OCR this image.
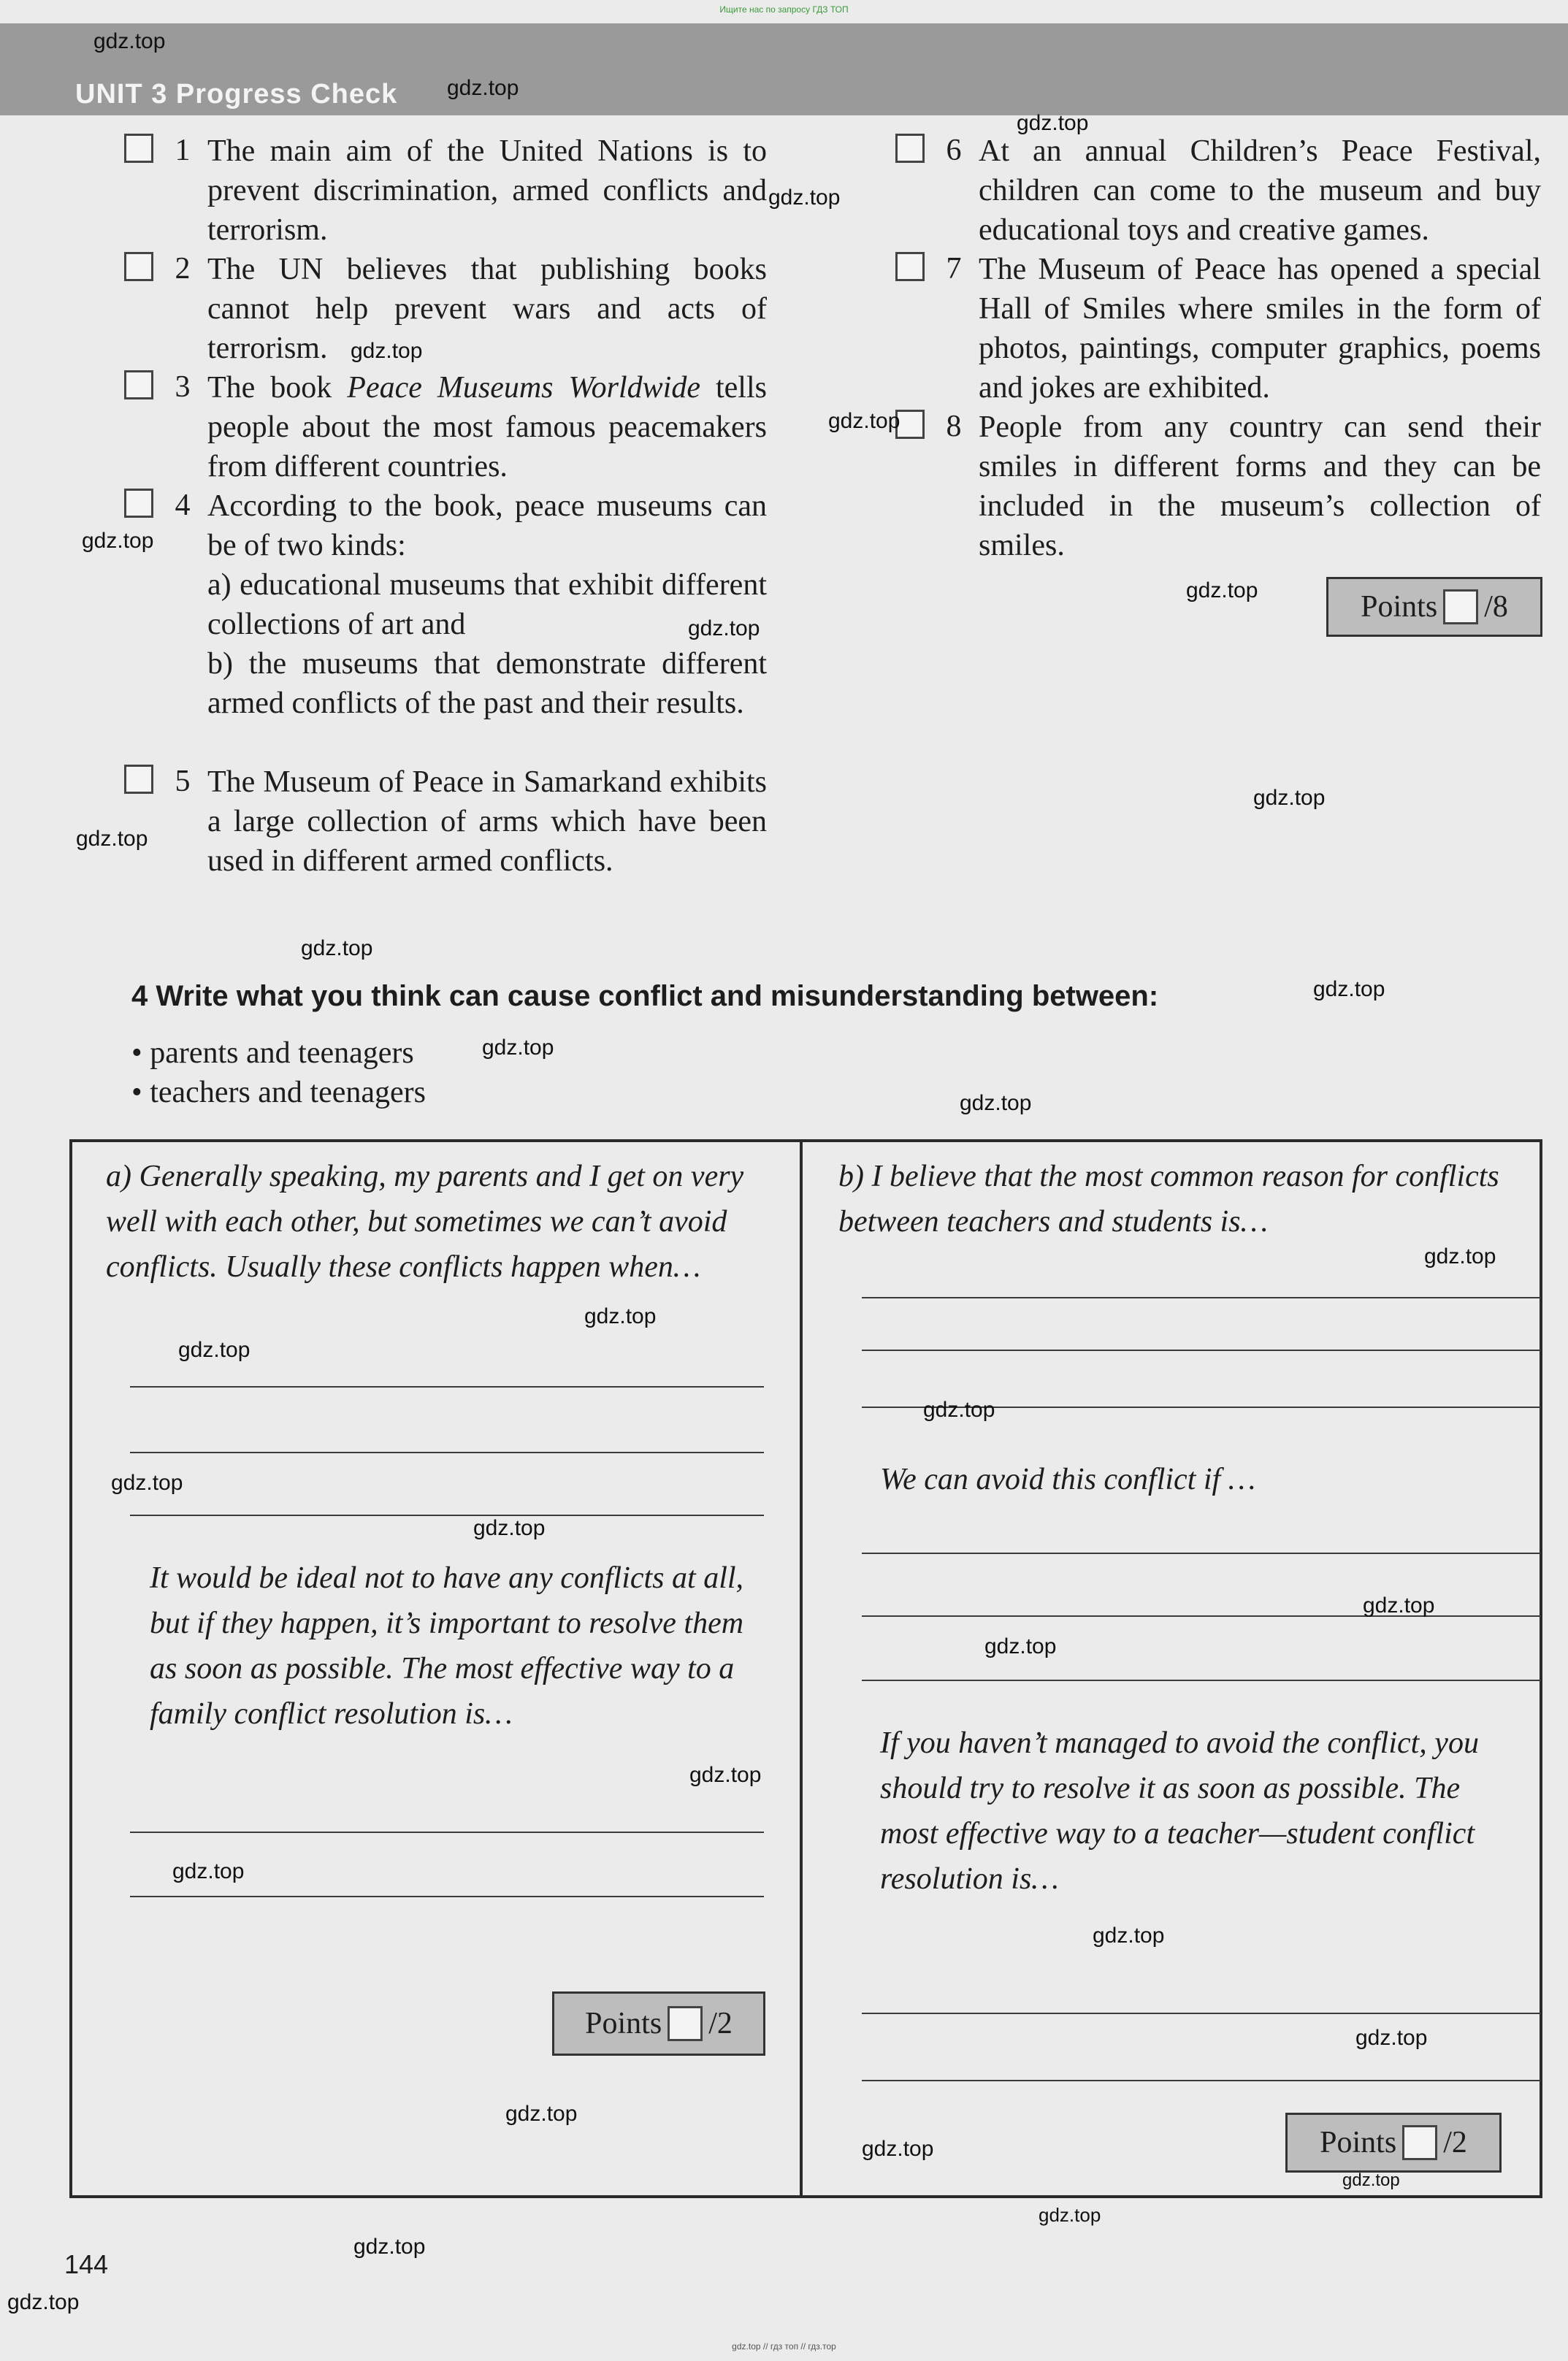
Ищите нас по запросу ГДЗ ТОП
UNIT 3 Progress Check
1 The main aim of the United Nations is to prevent discrimination, armed conflicts and terrorism.
2 The UN believes that publishing books cannot help prevent wars and acts of terrorism.
3 The book Peace Museums Worldwide tells people about the most famous peacemakers from different countries.
4 According to the book, peace museums can be of two kinds:
a) educational museums that exhibit different collections of art and
b) the museums that demonstrate different armed conflicts of the past and their results.
5 The Museum of Peace in Samarkand exhibits a large collection of arms which have been used in different armed conflicts.
6 At an annual Children’s Peace Festival, children can come to the museum and buy educational toys and creative games.
7 The Museum of Peace has opened a special Hall of Smiles where smiles in the form of photos, paintings, computer graphics, poems and jokes are exhibited.
8 People from any country can send their smiles in different forms and they can be included in the museum’s collection of smiles.
Points /8
4 Write what you think can cause conflict and misunderstanding between:
• parents and teenagers
• teachers and teenagers
a) Generally speaking, my parents and I get on very well with each other, but sometimes we can’t avoid conflicts. Usually these conflicts happen when…
It would be ideal not to have any conflicts at all, but if they happen, it’s important to resolve them as soon as possible. The most effective way to a family conflict resolution is…
Points /2
b) I believe that the most common reason for conflicts between teachers and students is…
We can avoid this conflict if …
If you haven’t managed to avoid the conflict, you should try to resolve it as soon as possible. The most effective way to a teacher—student conflict resolution is…
Points /2
144
gdz.top
gdz.top
gdz.top
gdz.top
gdz.top
gdz.top
gdz.top
gdz.top
gdz.top
gdz.top
gdz.top
gdz.top
gdz.top
gdz.top
gdz.top
gdz.top
gdz.top
gdz.top
gdz.top
gdz.top
gdz.top
gdz.top
gdz.top
gdz.top
gdz.top
gdz.top
gdz.top
gdz.top
gdz.top
gdz.top
gdz.top
gdz.top
gdz.top
gdz.top // гдз топ // гдз.тор
